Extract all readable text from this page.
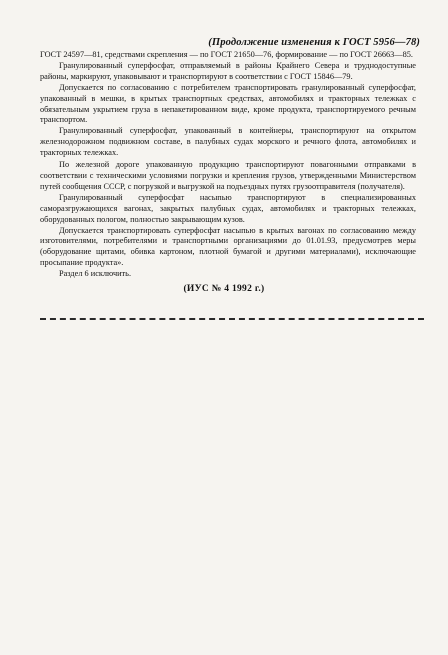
(Продолжение изменения к ГОСТ 5956—78)

ГОСТ 24597—81, средствами скрепления — по ГОСТ 21650—76, формирование — по ГОСТ 26663—85.

Гранулированный суперфосфат, отправляемый в районы Крайнего Севера и труднодоступные районы, маркируют, упаковывают и транспортируют в соответствии с ГОСТ 15846—79.

Допускается по согласованию с потребителем транспортировать гранулированный суперфосфат, упакованный в мешки, в крытых транспортных средствах, автомобилях и тракторных тележках с обязательным укрытием груза в непакетированном виде, кроме продукта, транспортируемого речным транспортом.

Гранулированный суперфосфат, упакованный в контейнеры, транспортируют на открытом железнодорожном подвижном составе, в палубных судах морского и речного флота, автомобилях и тракторных тележках.

По железной дороге упакованную продукцию транспортируют повагонными отправками в соответствии с техническими условиями погрузки и крепления грузов, утвержденными Министерством путей сообщения СССР, с погрузкой и выгрузкой на подъездных путях грузоотправителя (получателя).

Гранулированный суперфосфат насыпью транспортируют в специализированных саморазгружающихся вагонах, закрытых палубных судах, автомобилях и тракторных тележках, оборудованных пологом, полностью закрывающим кузов.

Допускается транспортировать суперфосфат насыпью в крытых вагонах по согласованию между изготовителями, потребителями и транспортными организациями до 01.01.93, предусмотрев меры (оборудование щитами, обивка картоном, плотной бумагой и другими материалами), исключающие просыпание продукта».

Раздел 6 исключить.

(ИУС № 4 1992 г.)
